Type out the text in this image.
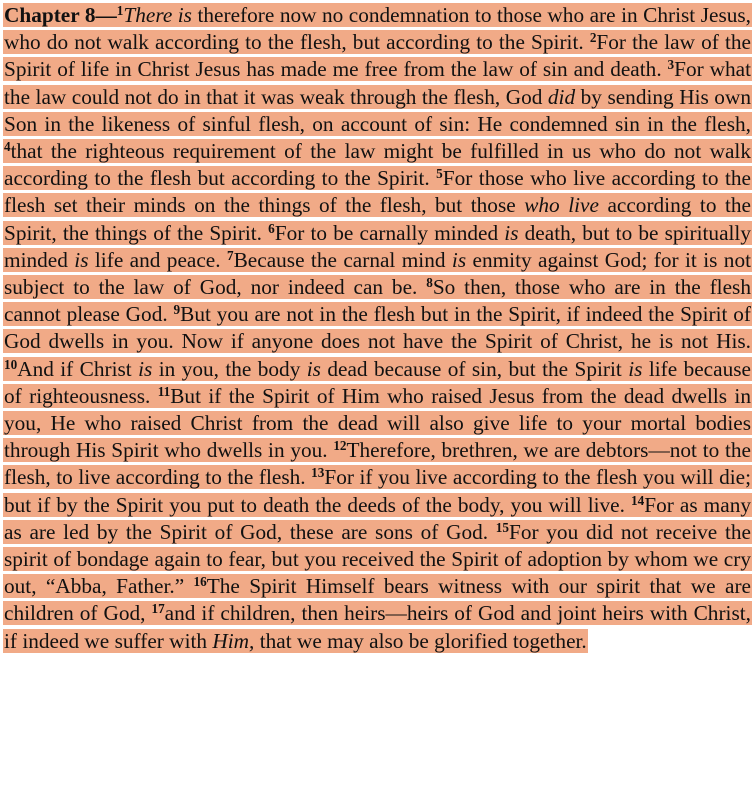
Chapter 8—$^1$There is therefore now no condemnation to those who are in Christ Jesus, who do not walk according to the flesh, but according to the Spirit. $^2$For the law of the Spirit of life in Christ Jesus has made me free from the law of sin and death. $^3$For what the law could not do in that it was weak through the flesh, God did by sending His own Son in the likeness of sinful flesh, on account of sin: He condemned sin in the flesh, $^4$that the righteous requirement of the law might be fulfilled in us who do not walk according to the flesh but according to the Spirit. $^5$For those who live according to the flesh set their minds on the things of the flesh, but those who live according to the Spirit, the things of the Spirit. $^6$For to be carnally minded is death, but to be spiritually minded is life and peace. $^7$Because the carnal mind is enmity against God; for it is not subject to the law of God, nor indeed can be. $^8$So then, those who are in the flesh cannot please God. $^9$But you are not in the flesh but in the Spirit, if indeed the Spirit of God dwells in you. Now if anyone does not have the Spirit of Christ, he is not His. $^{10}$And if Christ is in you, the body is dead because of sin, but the Spirit is life because of righteousness. $^{11}$But if the Spirit of Him who raised Jesus from the dead dwells in you, He who raised Christ from the dead will also give life to your mortal bodies through His Spirit who dwells in you. $^{12}$Therefore, brethren, we are debtors—not to the flesh, to live according to the flesh. $^{13}$For if you live according to the flesh you will die; but if by the Spirit you put to death the deeds of the body, you will live. $^{14}$For as many as are led by the Spirit of God, these are sons of God. $^{15}$For you did not receive the spirit of bondage again to fear, but you received the Spirit of adoption by whom we cry out, “Abba, Father.” $^{16}$The Spirit Himself bears witness with our spirit that we are children of God, $^{17}$and if children, then heirs—heirs of God and joint heirs with Christ, if indeed we suffer with Him, that we may also be glorified together.
